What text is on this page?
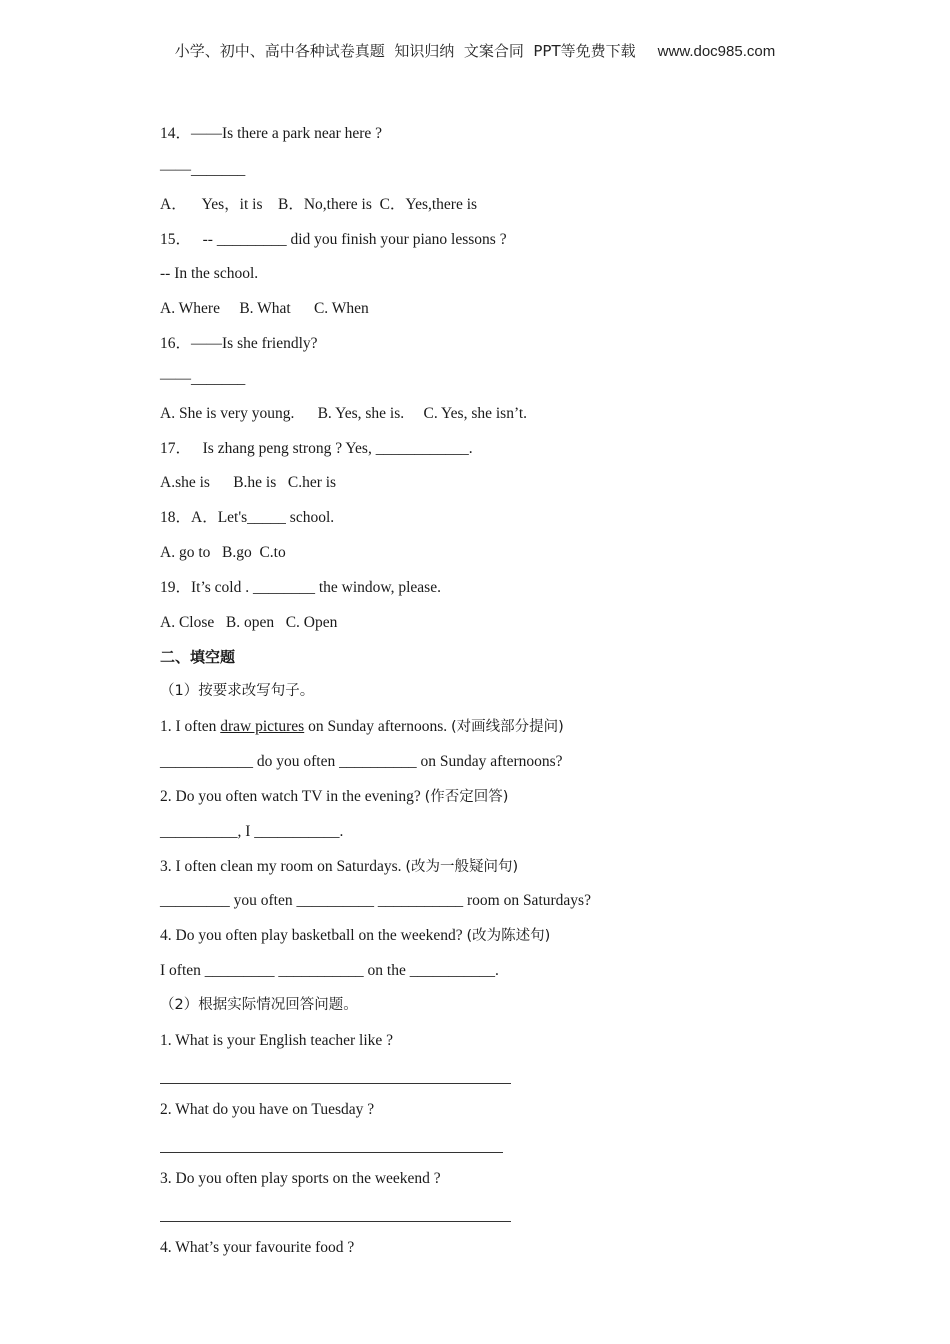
小学、初中、高中各种试卷真题  知识归纳  文案合同  PPT等免费下载 www.doc985.com
14．——Is there a park near here ?
——_______
A．    Yes，it is    B．No,there is  C．Yes,there is
15．   -- _________ did you finish your piano lessons ?
-- In the school.
A. Where     B. What      C. When
16．——Is she friendly?
——_______
A. She is very young.      B. Yes, she is.     C. Yes, she isn’t.
17．   Is zhang peng strong ? Yes, ____________.
A.she is      B.he is   C.her is
18．A．Let's_____ school.
A. go to   B.go  C.to
19．It’s cold . ________ the window, please.
A. Close   B. open   C. Open
二、填空题
（1）按要求改写句子。
1. I often draw pictures on Sunday afternoons. (对画线部分提问)
____________ do you often __________ on Sunday afternoons?
2. Do you often watch TV in the evening? (作否定回答)
__________, I ___________.
3. I often clean my room on Saturdays. (改为一般疑问句)
_________ you often __________ ___________ room on Saturdays?
4. Do you often play basketball on the weekend? (改为陈述句)
I often _________ ___________ on the ___________.
（2）根据实际情况回答问题。
1. What is your English teacher like ?
2. What do you have on Tuesday ?
3. Do you often play sports on the weekend ?
4. What’s your favourite food ?
